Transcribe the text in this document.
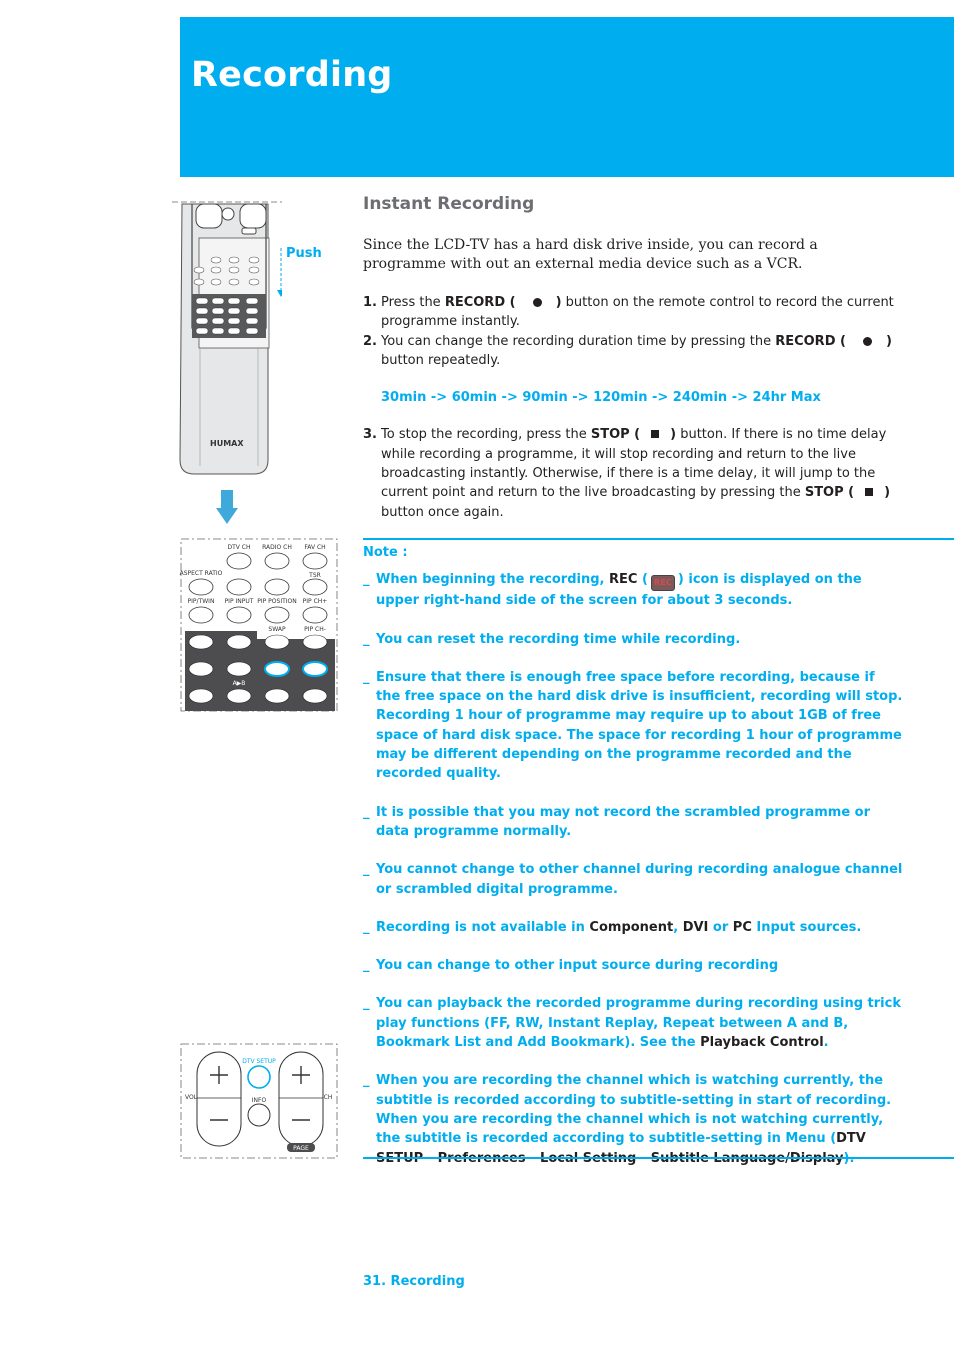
Recording
HUMAX

Push

DTV CH RADIO CH FAV CH
ASPECT RATIO	TSR
PIP/TWIN PIP INPUT PIP POSITION PIP CH+
SWAP	PIP CH-
A▶B
DTV SETUP
INFO
VOL	CH
PAGE
Instant Recording

Since the LCD-TV has a hard disk drive inside, you can record a programme with out an external media device such as a VCR.

1. Press the RECORD (	) button on the remote control to record the current programme instantly.
2. You can change the recording duration time by pressing the RECORD (	) button repeatedly.
30min -> 60min -> 90min -> 120min -> 240min -> 24hr Max
3. To stop the recording, press the STOP ( ) button. If there is no time delay while recording a programme, it will stop recording and return to the live broadcasting instantly. Otherwise, if there is a time delay, it will jump to the current point and return to the live broadcasting by pressing the STOP ( ) button once again.

Note :

_ When beginning the recording, REC ( REC ) icon is displayed on the upper right-hand side of the screen for about 3 seconds.

_ You can reset the recording time while recording.

_ Ensure that there is enough free space before recording, because if the free space on the hard disk drive is insufficient, recording will stop. Recording 1 hour of programme may require up to about 1GB of free space of hard disk space. The space for recording 1 hour of programme may be different depending on the programme recorded and the recorded quality.

_ It is possible that you may not record the scrambled programme or data programme normally.

_ You cannot change to other channel during recording analogue channel or scrambled digital programme.

_ Recording is not available in Component, DVI or PC Input sources.

_ You can change to other input source during recording

_ You can playback the recorded programme during recording using trick play functions (FF, RW, Instant Replay, Repeat between A and B, Bookmark List and Add Bookmark). See the Playback Control.

_ When you are recording the channel which is watching currently, the subtitle is recorded according to subtitle-setting in start of recording. When you are recording the channel which is not watching currently, the subtitle is recorded according to subtitle-setting in Menu (DTV

31. Recording
